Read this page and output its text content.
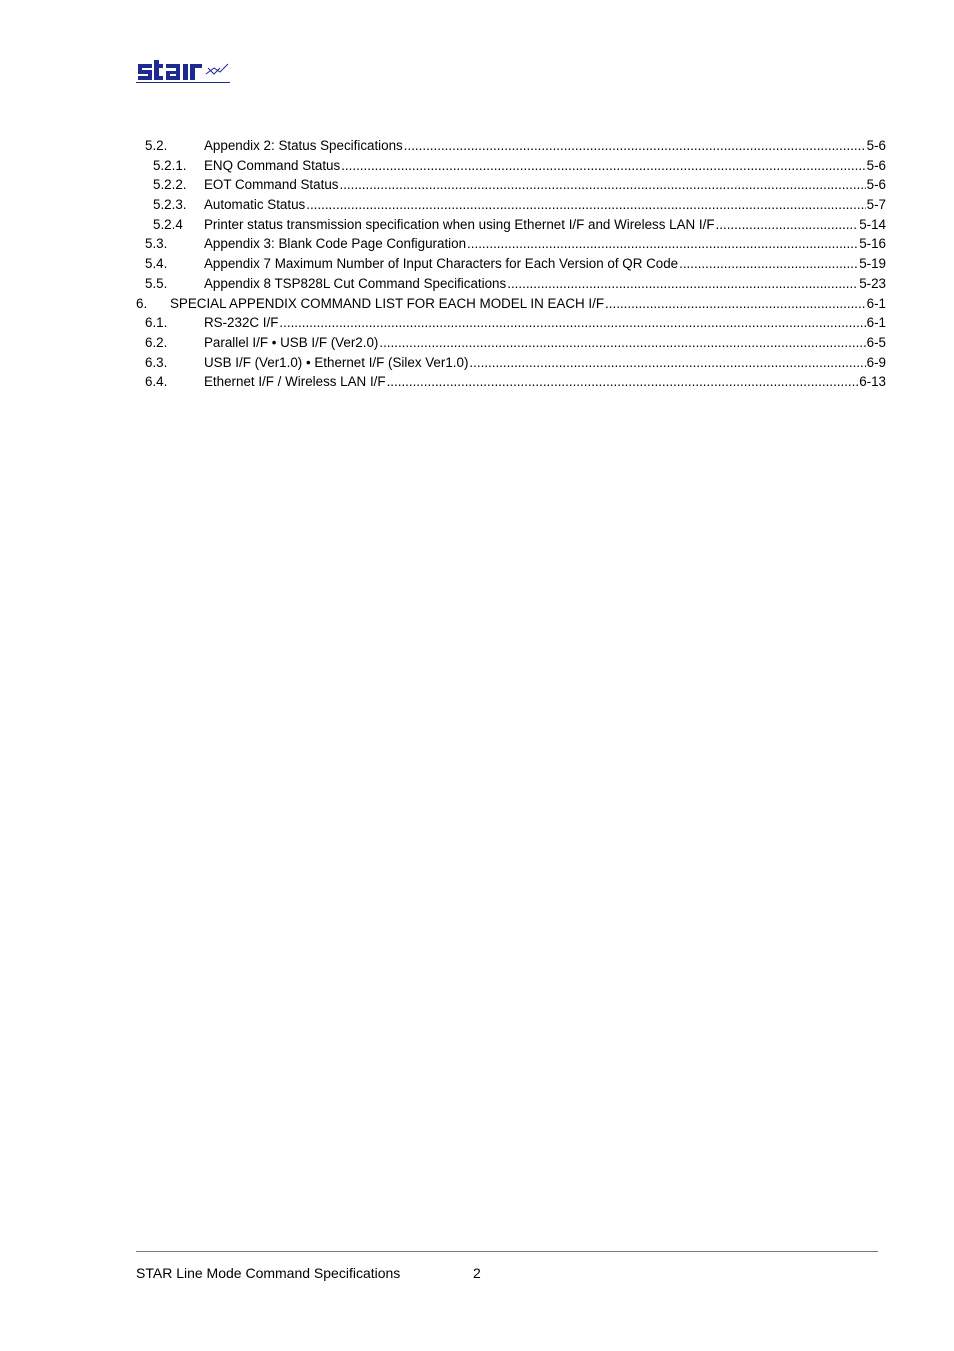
5.2.	Appendix 2: Status Specifications .....	5-6
5.2.1. ENQ Command Status .....	5-6
5.2.2. EOT Command Status .....	5-6
5.2.3. Automatic Status .....	5-7
5.2.4 Printer status transmission specification when using Ethernet I/F and Wireless LAN I/F .....	5-14
5.3.	Appendix 3: Blank Code Page Configuration .....	5-16
5.4.	Appendix 7 Maximum Number of Input Characters for Each Version of QR Code .....	5-19
5.5.	Appendix 8 TSP828L Cut Command Specifications .....	5-23
6. SPECIAL APPENDIX COMMAND LIST FOR EACH MODEL IN EACH I/F .....	6-1
6.1.	RS-232C I/F .....	6-1
6.2.	Parallel I/F • USB I/F (Ver2.0) .....	6-5
6.3.	USB I/F (Ver1.0) • Ethernet I/F (Silex Ver1.0) .....	6-9
6.4.	Ethernet I/F / Wireless LAN I/F .....	6-13
STAR Line Mode Command Specifications	2
